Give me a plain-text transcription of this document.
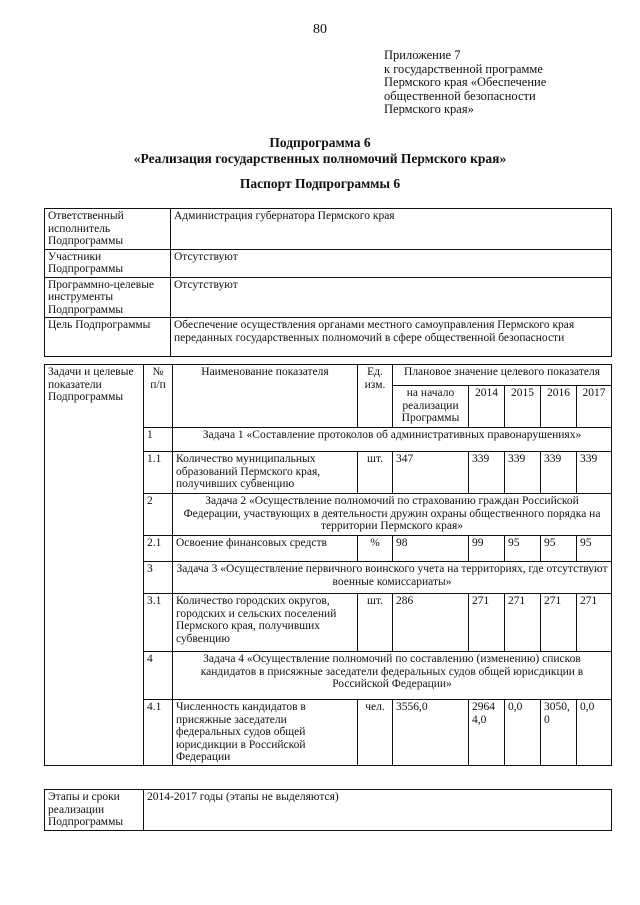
80
Приложение 7
к государственной программе
Пермского края «Обеспечение
общественной безопасности
Пермского края»
Подпрограмма 6
«Реализация государственных полномочий Пермского края»
Паспорт Подпрограммы 6
Ответственный исполнитель Подпрограммы	Администрация губернатора Пермского края
Участники Подпрограммы	Отсутствуют
Программно-целевые инструменты Подпрограммы	Отсутствуют
Цель Подпрограммы	Обеспечение осуществления органами местного самоуправления Пермского края переданных государственных полномочий в сфере общественной безопасности
Задачи и целевые показатели Подпрограммы	№ п/п	Наименование показателя	Ед. изм.	Плановое значение целевого показателя				
				на начало реализации Программы	2014	2015	2016	2017
	1	Задача 1 «Составление протоколов об административных правонарушениях»						
	1.1	Количество муниципальных образований Пермского края, получивших субвенцию	шт.	347	339	339	339	339
	2	Задача 2 «Осуществление полномочий по страхованию граждан Российской Федерации, участвующих в деятельности дружин охраны общественного порядка на территории Пермского края»						
	2.1	Освоение финансовых средств	%	98	99	95	95	95
	3	Задача 3 «Осуществление первичного воинского учета на территориях, где отсутствуют военные комиссариаты»						
	3.1	Количество городских округов, городских и сельских поселений Пермского края, получивших субвенцию	шт.	286	271	271	271	271
	4	Задача 4 «Осуществление полномочий по составлению (изменению) списков кандидатов в присяжные заседатели федеральных судов общей юрисдикции в Российской Федерации»						
	4.1	Численность кандидатов в присяжные заседатели федеральных судов общей юрисдикции в Российской Федерации	чел.	3556,0	29644,0	0,0	3050,0	0,0
Этапы и сроки реализации Подпрограммы	2014-2017 годы (этапы не выделяются)
